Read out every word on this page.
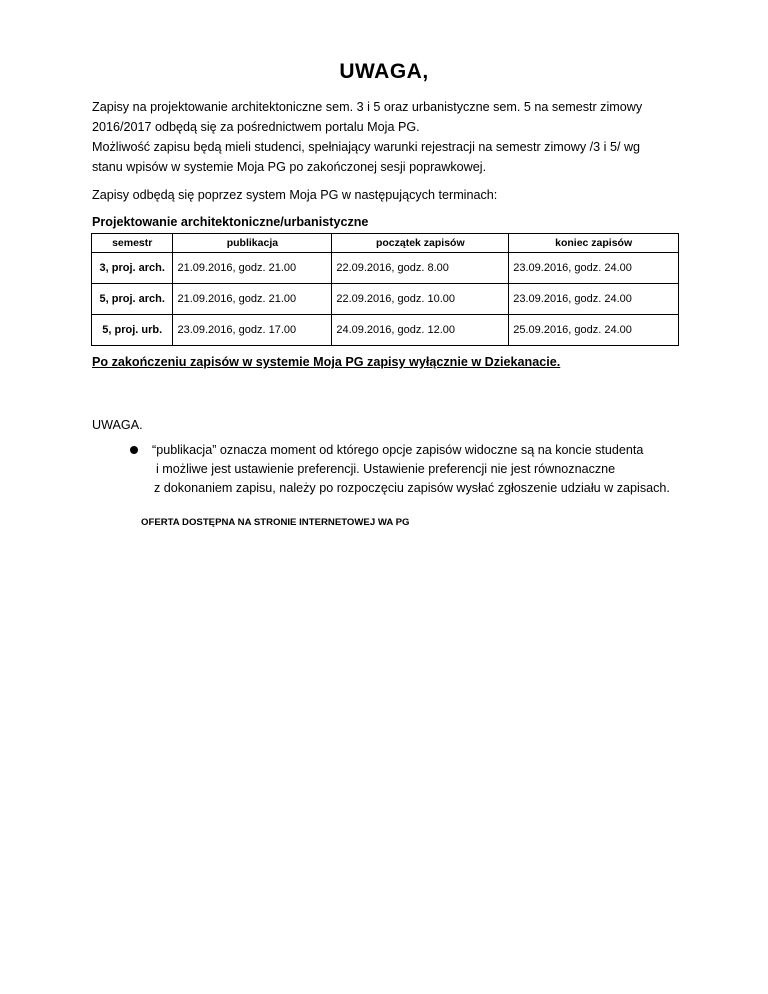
UWAGA,

Zapisy na projektowanie architektoniczne sem. 3 i 5 oraz urbanistyczne sem. 5 na semestr zimowy

2016/2017 odbędą się za pośrednictwem portalu Moja PG.

Możliwość zapisu będą mieli studenci, spełniający warunki rejestracji na semestr zimowy /3 i 5/ wg

stanu wpisów w systemie Moja PG po zakończonej sesji poprawkowej.

Zapisy odbędą się poprzez system Moja PG w następujących terminach:
Projektowanie architektoniczne/urbanistyczne
semestr	publikacja	początek zapisów	koniec zapisów
3, proj. arch.	21.09.2016, godz. 21.00	22.09.2016, godz. 8.00	23.09.2016, godz. 24.00
5, proj. arch.	21.09.2016, godz. 21.00	22.09.2016, godz. 10.00	23.09.2016, godz. 24.00
5, proj. urb.	23.09.2016, godz. 17.00	24.09.2016, godz. 12.00	25.09.2016, godz. 24.00
Po zakończeniu zapisów w systemie Moja PG zapisy wyłącznie w Dziekanacie.
UWAGA.
“publikacja” oznacza moment od którego opcje zapisów widoczne są na koncie studenta
i możliwe jest ustawienie preferencji. Ustawienie preferencji nie jest równoznaczne
z dokonaniem zapisu, należy po rozpoczęciu zapisów wysłać zgłoszenie udziału w zapisach.
OFERTA DOSTĘPNA NA STRONIE INTERNETOWEJ WA PG
